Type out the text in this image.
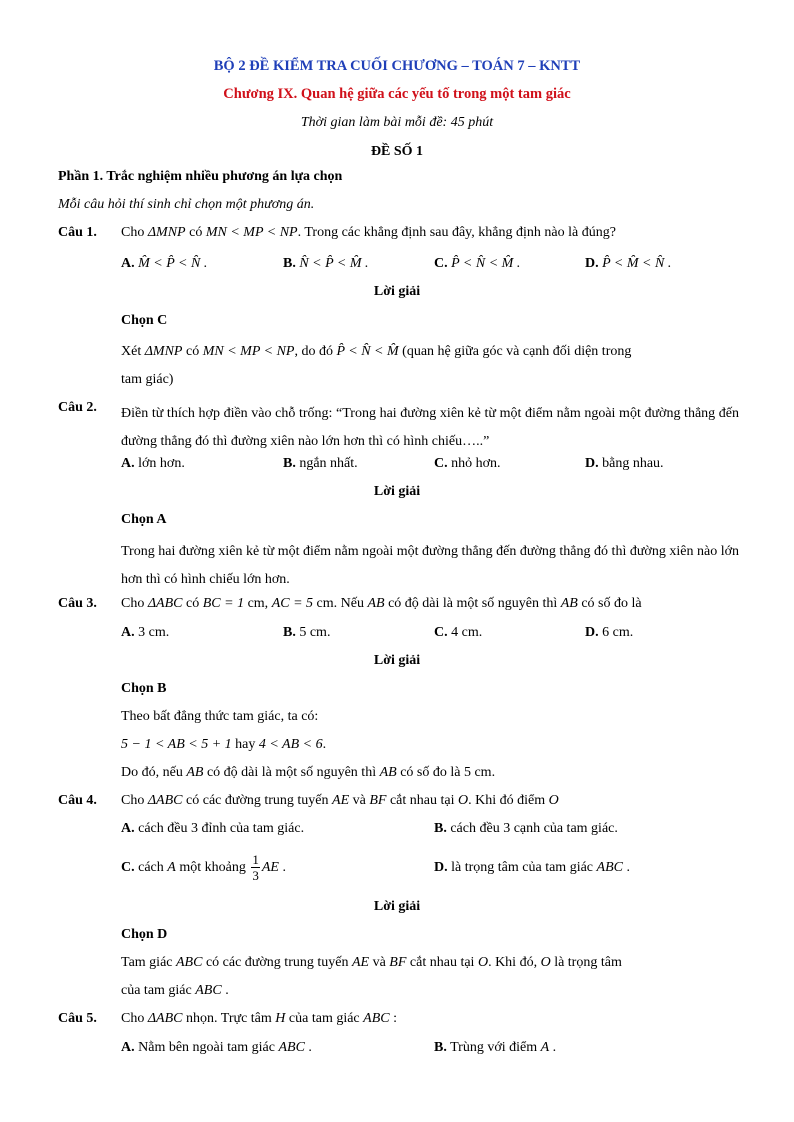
BỘ 2 ĐỀ KIỂM TRA CUỐI CHƯƠNG – TOÁN 7 – KNTT
Chương IX. Quan hệ giữa các yếu tố trong một tam giác
Thời gian làm bài mỗi đề: 45 phút
ĐỀ SỐ 1
Phần 1. Trắc nghiệm nhiều phương án lựa chọn
Mỗi câu hỏi thí sinh chỉ chọn một phương án.
Câu 1. Cho ΔMNP có MN < MP < NP. Trong các khẳng định sau đây, khẳng định nào là đúng?
A. M̂ < P̂ < N̂ .	B. N̂ < P̂ < M̂ .	C. P̂ < N̂ < M̂ .	D. P̂ < M̂ < N̂ .
Lời giải
Chọn C
Xét ΔMNP có MN < MP < NP, do đó P̂ < N̂ < M̂ (quan hệ giữa góc và cạnh đối diện trong
tam giác)
Câu 2. Điền từ thích hợp điền vào chỗ trống: “Trong hai đường xiên kẻ từ một điểm nằm ngoài một đường thẳng đến đường thẳng đó thì đường xiên nào lớn hơn thì có hình chiếu…..”
A. lớn hơn.	B. ngắn nhất.	C. nhỏ hơn.	D. bằng nhau.
Lời giải
Chọn A
Trong hai đường xiên kẻ từ một điểm nằm ngoài một đường thẳng đến đường thẳng đó thì đường xiên nào lớn hơn thì có hình chiếu lớn hơn.
Câu 3. Cho ΔABC có BC = 1 cm, AC = 5 cm. Nếu AB có độ dài là một số nguyên thì AB có số đo là
A. 3 cm.	B. 5 cm.	C. 4 cm.	D. 6 cm.
Lời giải
Chọn B
Theo bất đẳng thức tam giác, ta có:
5 − 1 < AB < 5 + 1 hay 4 < AB < 6.
Do đó, nếu AB có độ dài là một số nguyên thì AB có số đo là 5 cm.
Câu 4. Cho ΔABC có các đường trung tuyến AE và BF cắt nhau tại O. Khi đó điểm O
A. cách đều 3 đỉnh của tam giác.	B. cách đều 3 cạnh của tam giác.
C. cách A một khoảng $\frac{1}{3}$ AE .	D. là trọng tâm của tam giác ABC .
Lời giải
Chọn D
Tam giác ABC có các đường trung tuyến AE và BF cắt nhau tại O. Khi đó, O là trọng tâm
của tam giác ABC .
Câu 5. Cho ΔABC nhọn. Trực tâm H của tam giác ABC :
A. Nằm bên ngoài tam giác ABC .	B. Trùng với điểm A .
